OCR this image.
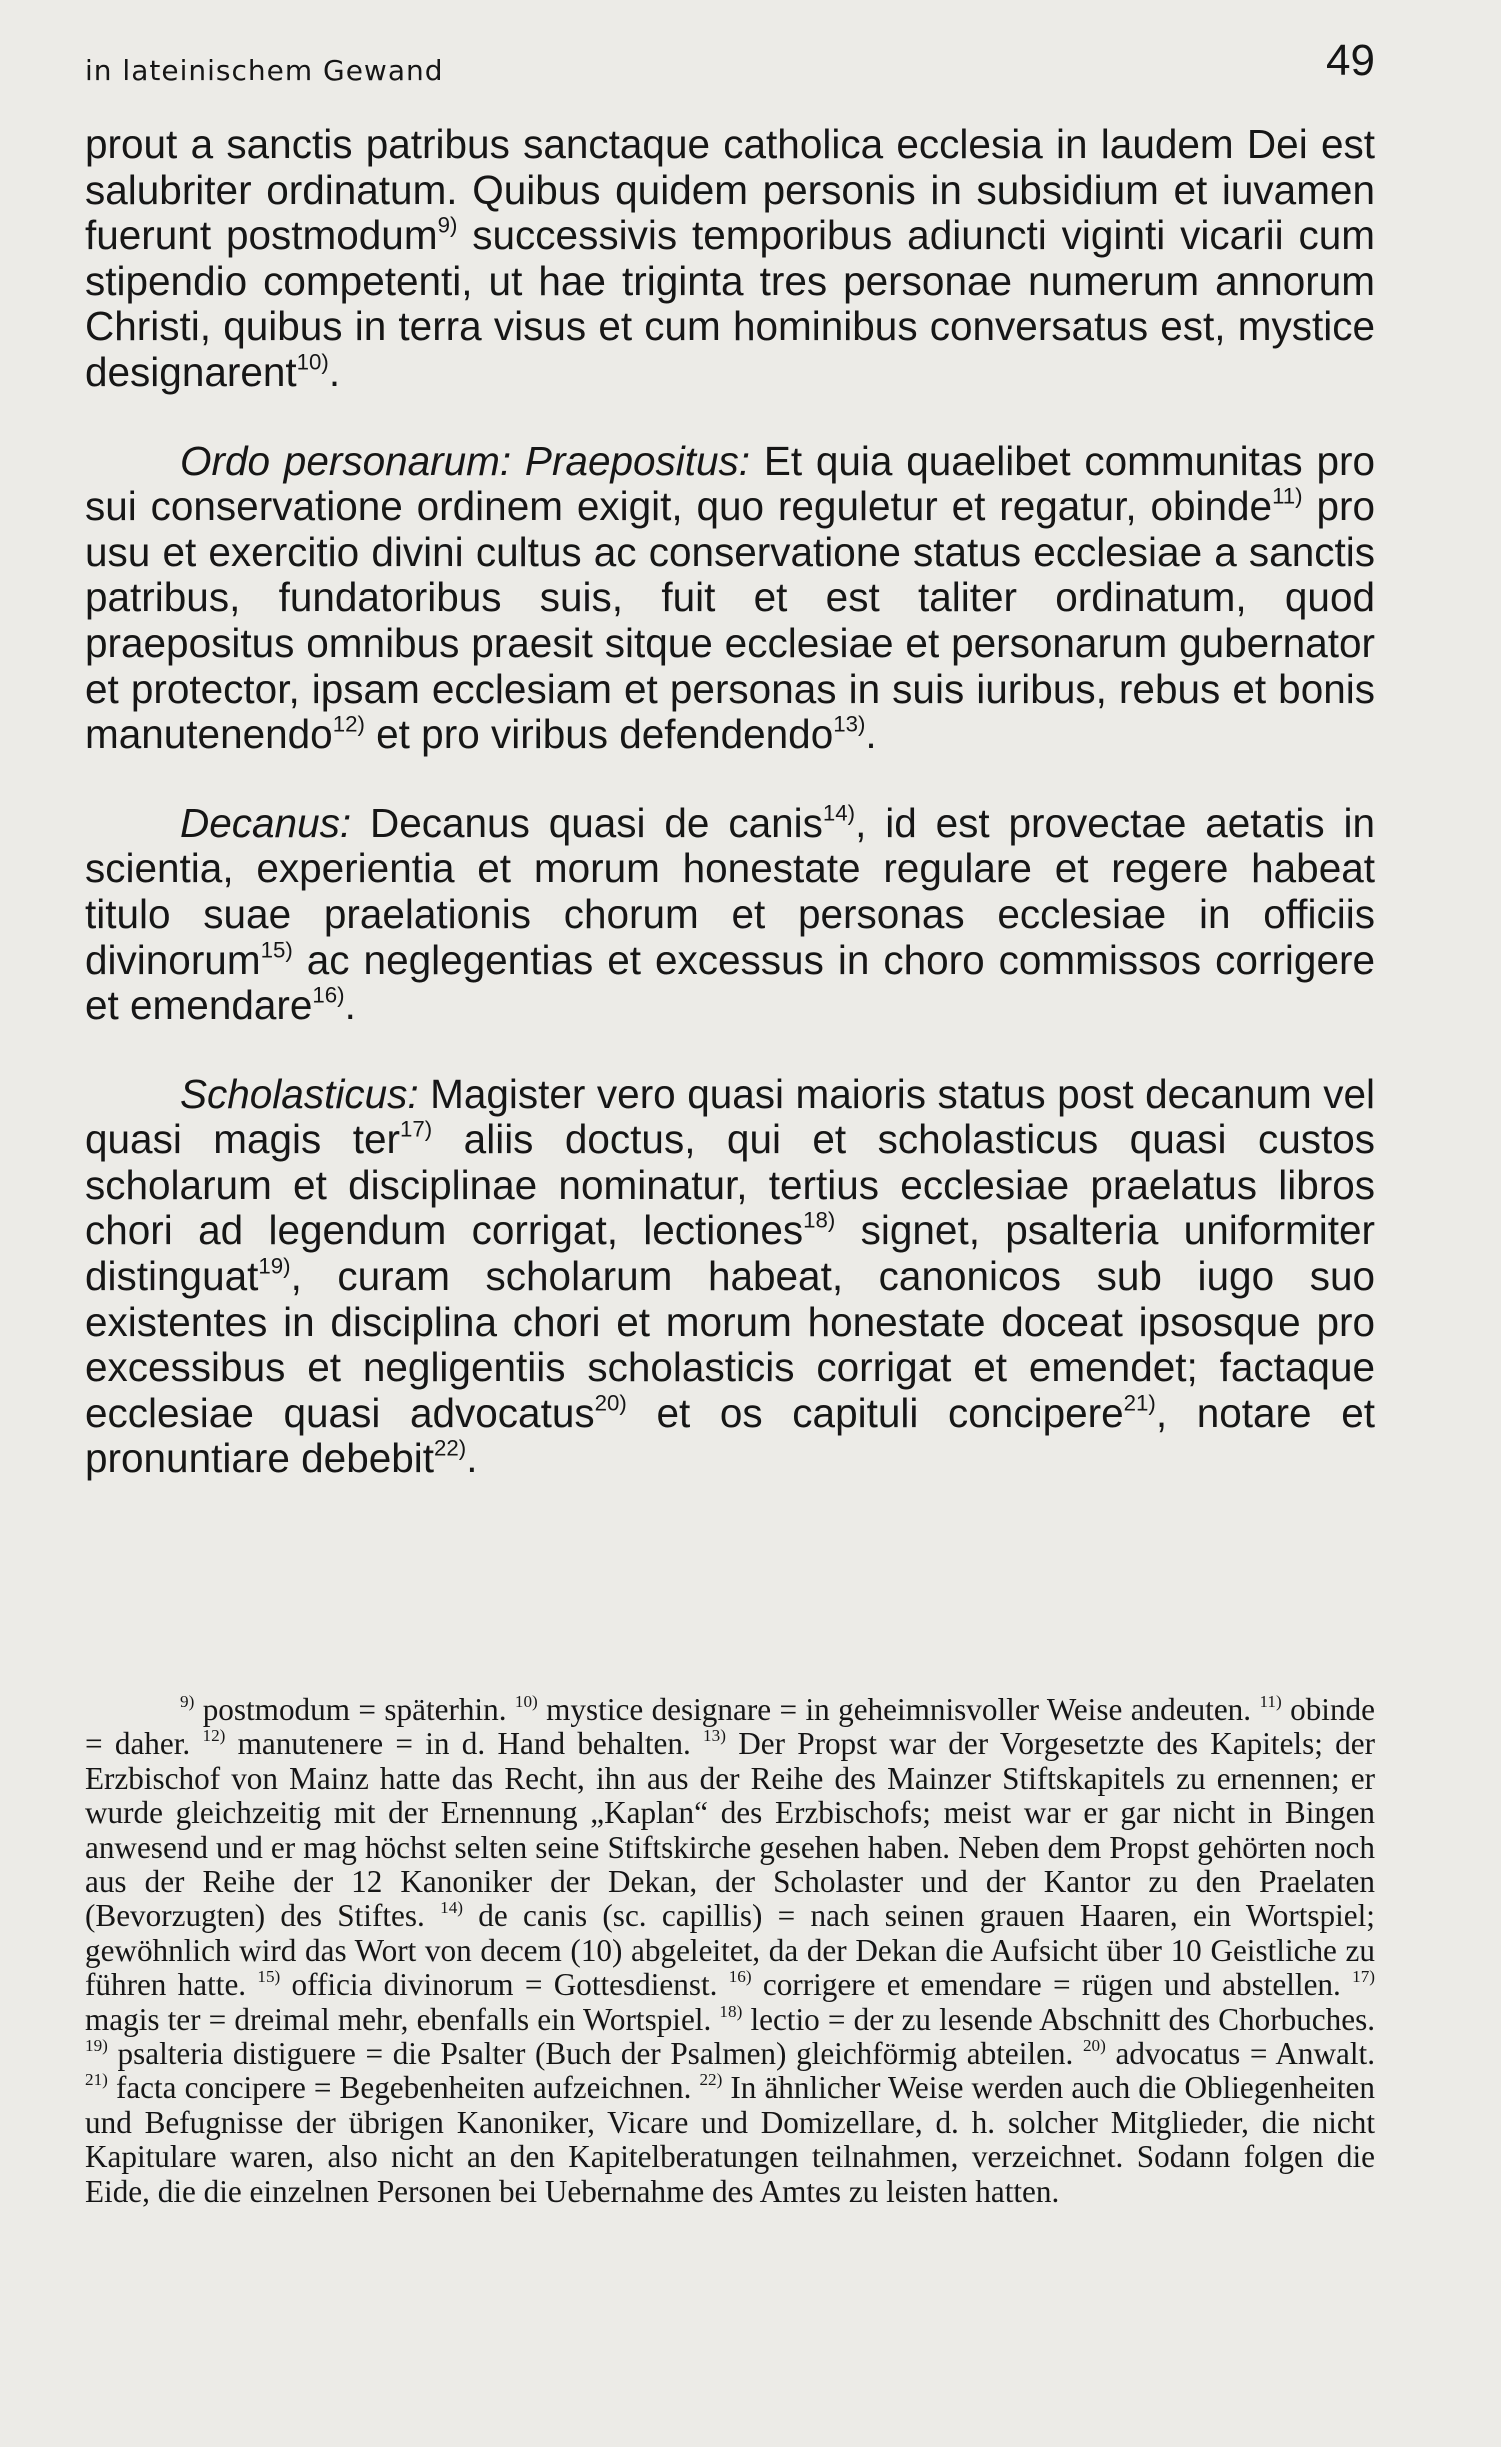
in lateinischem Gewand	49

prout a sanctis patribus sanctaque catholica ecclesia in laudem Dei est salubriter ordinatum. Quibus quidem personis in subsidium et iuvamen fuerunt postmodum$^{9)}$ successivis temporibus adiuncti viginti vicarii cum stipendio competenti, ut hae triginta tres personae numerum annorum Christi, quibus in terra visus et cum hominibus conversatus est, mystice designarent$^{10)}$.

Ordo personarum: Praepositus: Et quia quaelibet communitas pro sui conservatione ordinem exigit, quo reguletur et regatur, obinde$^{11)}$ pro usu et exercitio divini cultus ac conservatione status ecclesiae a sanctis patribus, fundatoribus suis, fuit et est taliter ordinatum, quod praepositus omnibus praesit sitque ecclesiae et personarum gubernator et protector, ipsam ecclesiam et personas in suis iuribus, rebus et bonis manutenendo$^{12)}$ et pro viribus defendendo$^{13)}$.

Decanus: Decanus quasi de canis$^{14)}$, id est provectae aetatis in scientia, experientia et morum honestate regulare et regere habeat titulo suae praelationis chorum et personas ecclesiae in officiis divinorum$^{15)}$ ac neglegentias et excessus in choro commissos corrigere et emendare$^{16)}$.

Scholasticus: Magister vero quasi maioris status post decanum vel quasi magis ter$^{17)}$ aliis doctus, qui et scholasticus quasi custos scholarum et disciplinae nominatur, tertius ecclesiae praelatus libros chori ad legendum corrigat, lectiones$^{18)}$ signet, psalteria uniformiter distinguat$^{19)}$, curam scholarum habeat, canonicos sub iugo suo existentes in disciplina chori et morum honestate doceat ipsosque pro excessibus et negligentiis scholasticis corrigat et emendet; factaque ecclesiae quasi advocatus$^{20)}$ et os capituli concipere$^{21)}$, notare et pronuntiare debebit$^{22)}$.

$^{9)}$ postmodum = späterhin. $^{10)}$ mystice designare = in geheimnisvoller Weise andeuten. $^{11)}$ obinde = daher. $^{12)}$ manutenere = in d. Hand behalten. $^{13)}$ Der Propst war der Vorgesetzte des Kapitels; der Erzbischof von Mainz hatte das Recht, ihn aus der Reihe des Mainzer Stiftskapitels zu ernennen; er wurde gleichzeitig mit der Ernennung „Kaplan“ des Erzbischofs; meist war er gar nicht in Bingen anwesend und er mag höchst selten seine Stiftskirche gesehen haben. Neben dem Propst gehörten noch aus der Reihe der 12 Kanoniker der Dekan, der Scholaster und der Kantor zu den Praelaten (Bevorzugten) des Stiftes. $^{14)}$ de canis (sc. capillis) = nach seinen grauen Haaren, ein Wortspiel; gewöhnlich wird das Wort von decem (10) abgeleitet, da der Dekan die Aufsicht über 10 Geistliche zu führen hatte. $^{15)}$ officia divinorum = Gottesdienst. $^{16)}$ corrigere et emendare = rügen und abstellen. $^{17)}$ magis ter = dreimal mehr, ebenfalls ein Wortspiel. $^{18)}$ lectio = der zu lesende Abschnitt des Chorbuches. $^{19)}$ psalteria distiguere = die Psalter (Buch der Psalmen) gleichförmig abteilen. $^{20)}$ advocatus = Anwalt. $^{21)}$ facta concipere = Begebenheiten aufzeichnen. $^{22)}$ In ähnlicher Weise werden auch die Obliegenheiten und Befugnisse der übrigen Kanoniker, Vicare und Domizellare, d. h. solcher Mitglieder, die nicht Kapitulare waren, also nicht an den Kapitelberatungen teilnahmen, verzeichnet. Sodann folgen die Eide, die die einzelnen Personen bei Uebernahme des Amtes zu leisten hatten.
